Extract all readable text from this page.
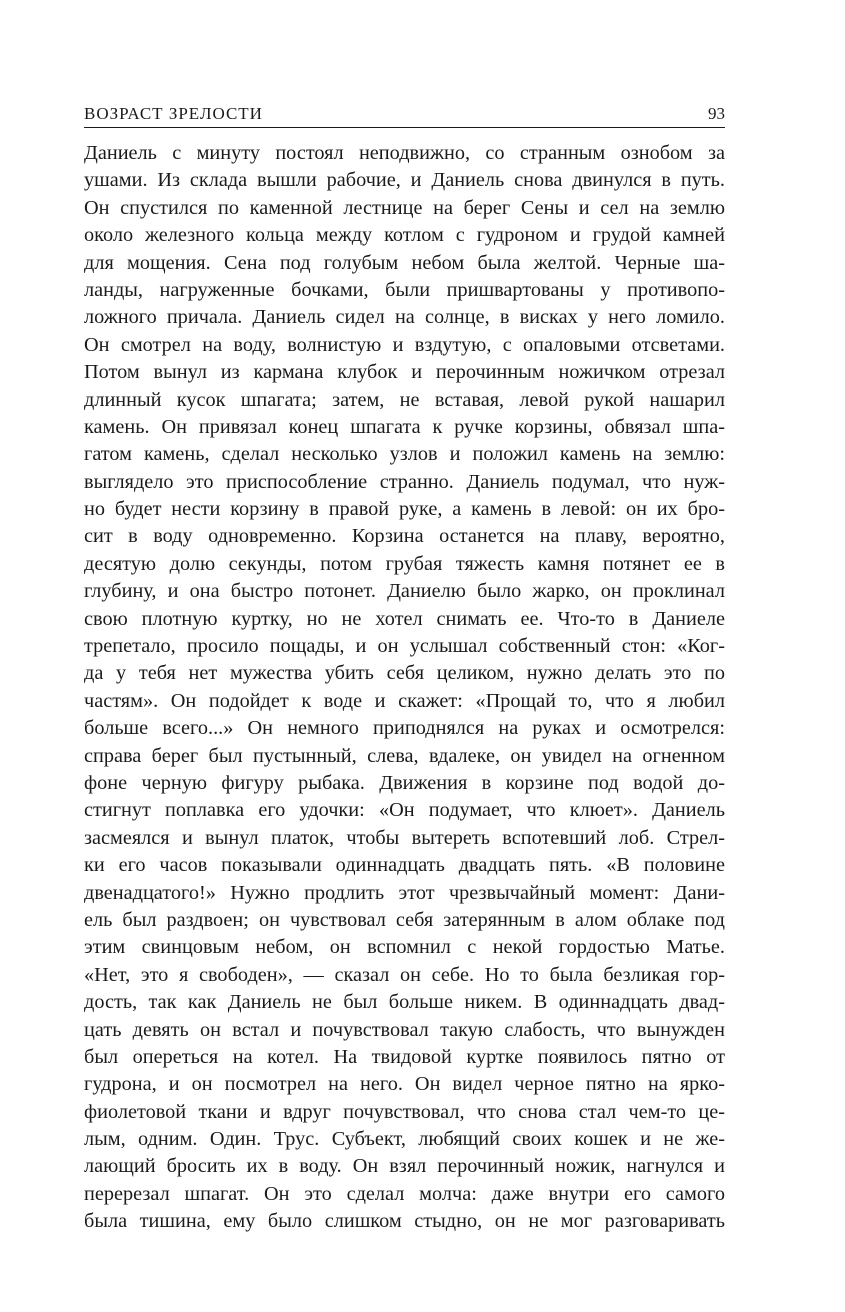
ВОЗРАСТ ЗРЕЛОСТИ	93
Даниель с минуту постоял неподвижно, со странным ознобом за
ушами. Из склада вышли рабочие, и Даниель снова двинулся в путь.
Он спустился по каменной лестнице на берег Сены и сел на землю
около железного кольца между котлом с гудроном и грудой камней
для мощения. Сена под голубым небом была желтой. Черные ша-
ланды, нагруженные бочками, были пришвартованы у противопо-
ложного причала. Даниель сидел на солнце, в висках у него ломило.
Он смотрел на воду, волнистую и вздутую, с опаловыми отсветами.
Потом вынул из кармана клубок и перочинным ножичком отрезал
длинный кусок шпагата; затем, не вставая, левой рукой нашарил
камень. Он привязал конец шпагата к ручке корзины, обвязал шпа-
гатом камень, сделал несколько узлов и положил камень на землю:
выглядело это приспособление странно. Даниель подумал, что нуж-
но будет нести корзину в правой руке, а камень в левой: он их бро-
сит в воду одновременно. Корзина останется на плаву, вероятно,
десятую долю секунды, потом грубая тяжесть камня потянет ее в
глубину, и она быстро потонет. Даниелю было жарко, он проклинал
свою плотную куртку, но не хотел снимать ее. Что-то в Даниеле
трепетало, просило пощады, и он услышал собственный стон: «Ког-
да у тебя нет мужества убить себя целиком, нужно делать это по
частям». Он подойдет к воде и скажет: «Прощай то, что я любил
больше всего...» Он немного приподнялся на руках и осмотрелся:
справа берег был пустынный, слева, вдалеке, он увидел на огненном
фоне черную фигуру рыбака. Движения в корзине под водой до-
стигнут поплавка его удочки: «Он подумает, что клюет». Даниель
засмеялся и вынул платок, чтобы вытереть вспотевший лоб. Стрел-
ки его часов показывали одиннадцать двадцать пять. «В половине
двенадцатого!» Нужно продлить этот чрезвычайный момент: Дани-
ель был раздвоен; он чувствовал себя затерянным в алом облаке под
этим свинцовым небом, он вспомнил с некой гордостью Матье.
«Нет, это я свободен», — сказал он себе. Но то была безликая гор-
дость, так как Даниель не был больше никем. В одиннадцать двад-
цать девять он встал и почувствовал такую слабость, что вынужден
был опереться на котел. На твидовой куртке появилось пятно от
гудрона, и он посмотрел на него. Он видел черное пятно на ярко-
фиолетовой ткани и вдруг почувствовал, что снова стал чем-то це-
лым, одним. Один. Трус. Субъект, любящий своих кошек и не же-
лающий бросить их в воду. Он взял перочинный ножик, нагнулся и
перерезал шпагат. Он это сделал молча: даже внутри его самого
была тишина, ему было слишком стыдно, он не мог разговаривать
